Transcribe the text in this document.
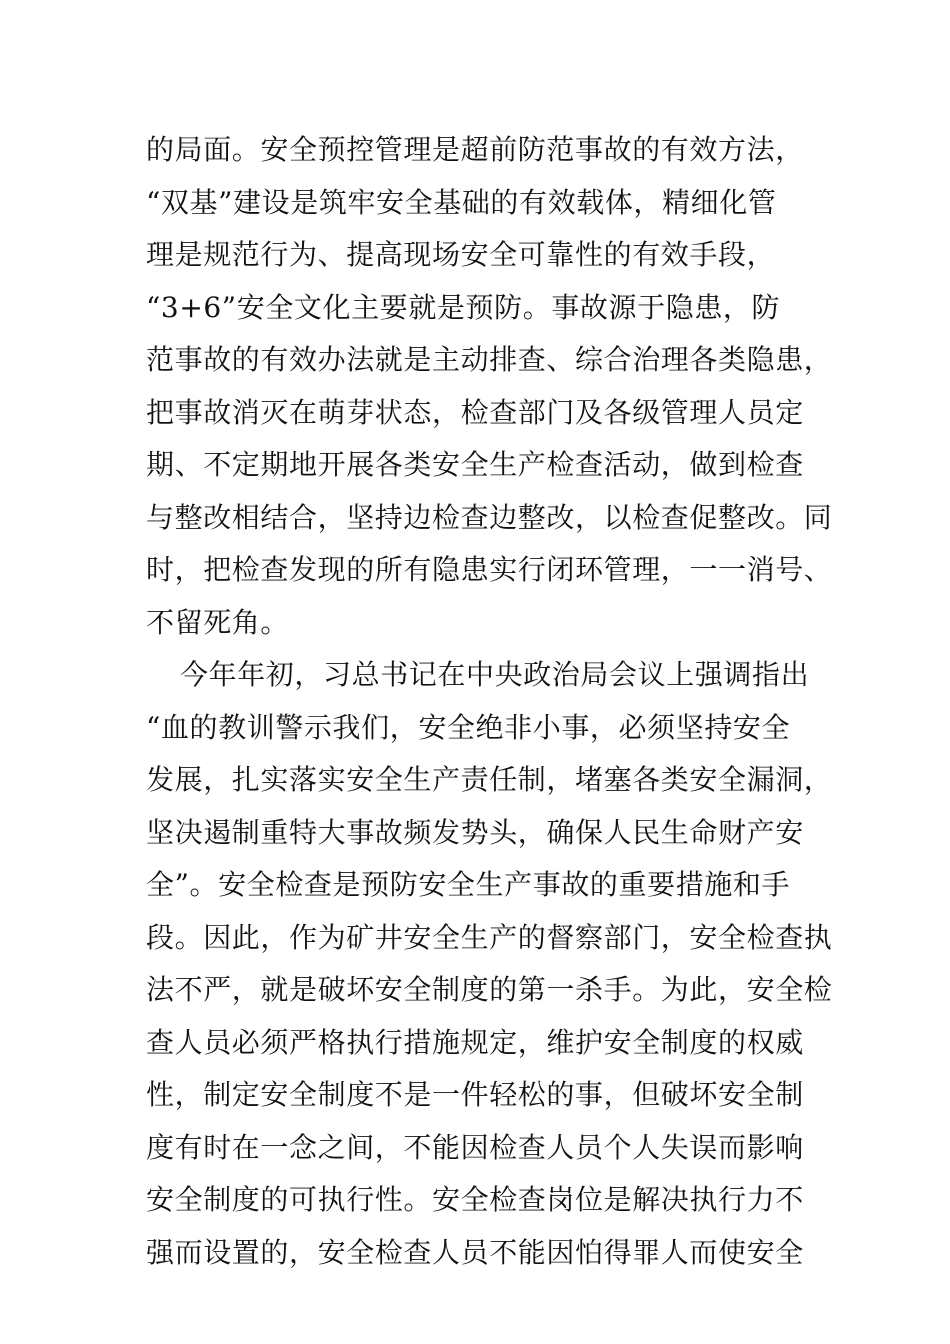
的局面。安全预控管理是超前防范事故的有效方法，
“双基”建设是筑牢安全基础的有效载体，精细化管
理是规范行为、提高现场安全可靠性的有效手段，
“3+6”安全文化主要就是预防。事故源于隐患，防
范事故的有效办法就是主动排查、综合治理各类隐患，
把事故消灭在萌芽状态，检查部门及各级管理人员定
期、不定期地开展各类安全生产检查活动，做到检查
与整改相结合，坚持边检查边整改，以检查促整改。同
时，把检查发现的所有隐患实行闭环管理，一一消号、
不留死角。
今年年初，习总书记在中央政治局会议上强调指出
“血的教训警示我们，安全绝非小事，必须坚持安全
发展，扎实落实安全生产责任制，堵塞各类安全漏洞，
坚决遏制重特大事故频发势头，确保人民生命财产安
全”。安全检查是预防安全生产事故的重要措施和手
段。因此，作为矿井安全生产的督察部门，安全检查执
法不严，就是破坏安全制度的第一杀手。为此，安全检
查人员必须严格执行措施规定，维护安全制度的权威
性，制定安全制度不是一件轻松的事，但破坏安全制
度有时在一念之间，不能因检查人员个人失误而影响
安全制度的可执行性。安全检查岗位是解决执行力不
强而设置的，安全检查人员不能因怕得罪人而使安全
